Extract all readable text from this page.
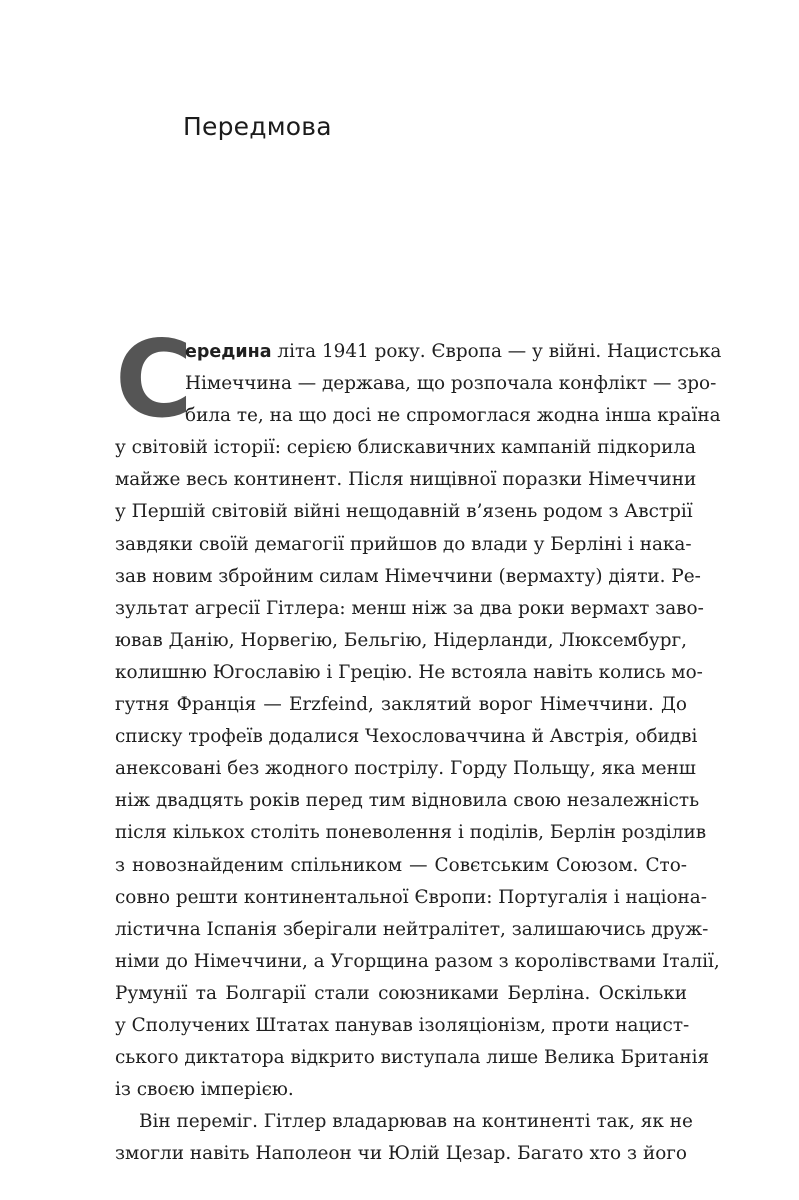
Передмова
С
ередина літа 1941 року. Європа — у війні. Нацистська
Німеччина — держава, що розпочала конфлікт — зро-
била те, на що досі не спромоглася жодна інша країна
у світовій історії: серією блискавичних кампаній підкорила
майже весь континент. Після нищівної поразки Німеччини
у Першій світовій війні нещодавній в’язень родом з Австрії
завдяки своїй демагогії прийшов до влади у Берліні і нака-
зав новим збройним силам Німеччини (вермахту) діяти. Ре-
зультат агресії Гітлера: менш ніж за два роки вермахт заво-
ював Данію, Норвегію, Бельгію, Нідерланди, Люксембург,
колишню Югославію і Грецію. Не встояла навіть колись мо-
гутня Франція — Erzfeind, заклятий ворог Німеччини. До
списку трофеїв додалися Чехословаччина й Австрія, обидві
анексовані без жодного пострілу. Горду Польщу, яка менш
ніж двадцять років перед тим відновила свою незалежність
після кількох століть поневолення і поділів, Берлін розділив
з новознайденим спільником — Совєтським Союзом. Сто-
совно решти континентальної Європи: Португалія і націона-
лістична Іспанія зберігали нейтралітет, залишаючись друж-
німи до Німеччини, а Угорщина разом з королівствами Італії,
Румунії та Болгарії стали союзниками Берліна. Оскільки
у Сполучених Штатах панував ізоляціонізм, проти нацист-
ського диктатора відкрито виступала лише Велика Британія
із своєю імперією.
Він переміг. Гітлер владарював на континенті так, як не
змогли навіть Наполеон чи Юлій Цезар. Багато хто з його
